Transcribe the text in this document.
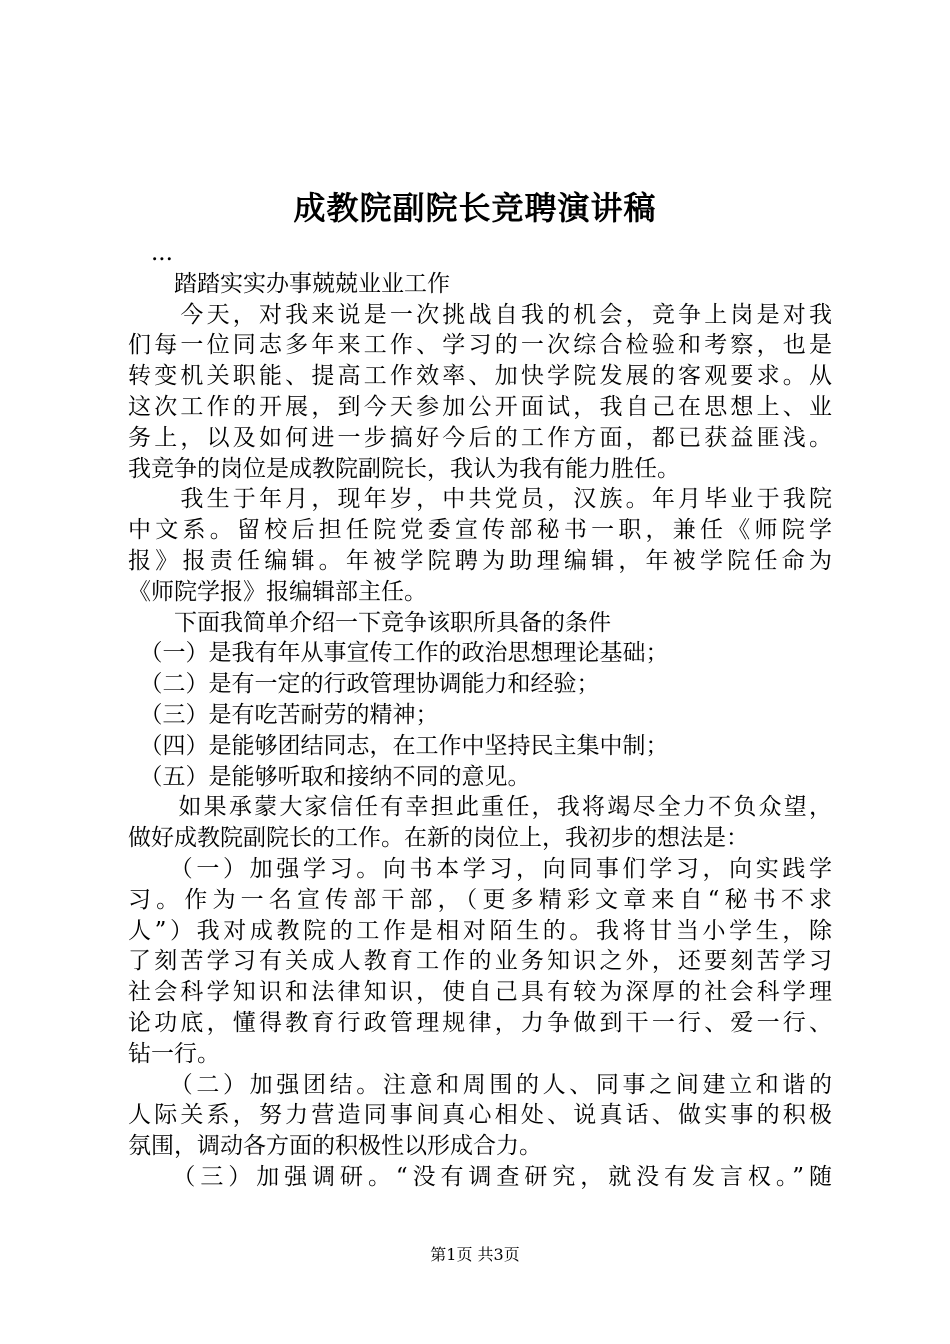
成教院副院长竞聘演讲稿
　...
　　踏踏实实办事兢兢业业工作
　　今天，对我来说是一次挑战自我的机会，竞争上岗是对我
们每一位同志多年来工作、学习的一次综合检验和考察，也是
转变机关职能、提高工作效率、加快学院发展的客观要求。从
这次工作的开展，到今天参加公开面试，我自己在思想上、业
务上，以及如何进一步搞好今后的工作方面，都已获益匪浅。
我竞争的岗位是成教院副院长，我认为我有能力胜任。
　　我生于年月，现年岁，中共党员，汉族。年月毕业于我院
中文系。留校后担任院党委宣传部秘书一职，兼任《师院学
报》报责任编辑。年被学院聘为助理编辑，年被学院任命为
《师院学报》报编辑部主任。
　　下面我简单介绍一下竞争该职所具备的条件
　（一）是我有年从事宣传工作的政治思想理论基础；
　（二）是有一定的行政管理协调能力和经验；
　（三）是有吃苦耐劳的精神；
　（四）是能够团结同志，在工作中坚持民主集中制；
　（五）是能够听取和接纳不同的意见。
　　如果承蒙大家信任有幸担此重任，我将竭尽全力不负众望，
做好成教院副院长的工作。在新的岗位上，我初步的想法是：
　　（一）加强学习。向书本学习，向同事们学习，向实践学
习。作为一名宣传部干部，（更多精彩文章来自“秘书不求
人”）我对成教院的工作是相对陌生的。我将甘当小学生，除
了刻苦学习有关成人教育工作的业务知识之外，还要刻苦学习
社会科学知识和法律知识，使自己具有较为深厚的社会科学理
论功底，懂得教育行政管理规律，力争做到干一行、爱一行、
钻一行。
　　（二）加强团结。注意和周围的人、同事之间建立和谐的
人际关系，努力营造同事间真心相处、说真话、做实事的积极
氛围，调动各方面的积极性以形成合力。
　　（三）加强调研。“没有调查研究，就没有发言权。”随
第1页 共3页
